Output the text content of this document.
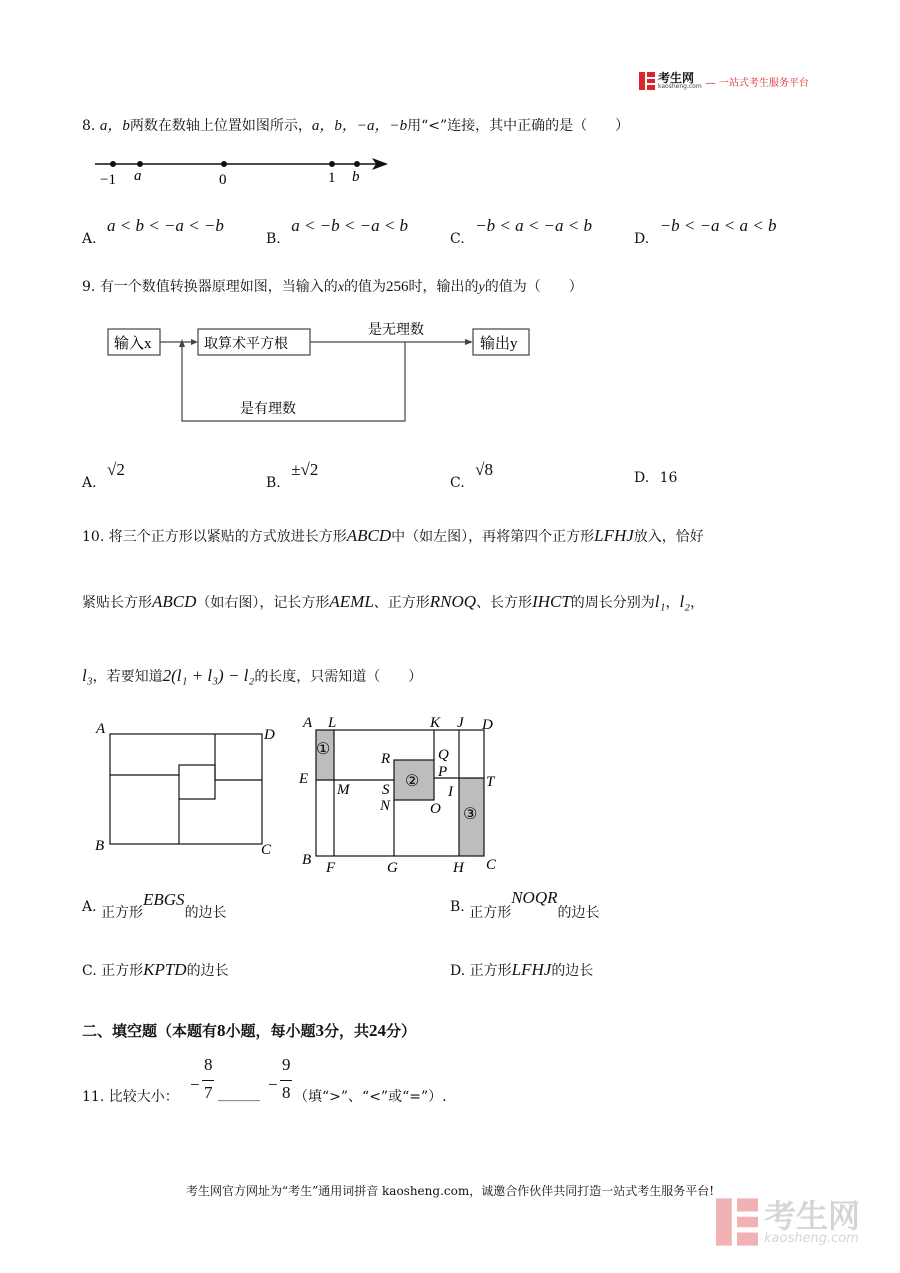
考生网
kaosheng.com — 一站式考生服务平台
8. a，b两数在数轴上位置如图所示，a，b，−a，−b用“<”连接，其中正确的是（　　）
−1 a	0	1 b
A. a < b < −a < −b
B. a < −b < −a < b
C. −b < a < −a < b
D. −b < −a < a < b
9. 有一个数值转换器原理如图，当输入的x的值为256时，输出的y的值为（　　）
输入x	取算术平方根
是无理数
输出y
是有理数
A. √2
B. ±√2
C. √8	D. 16
10. 将三个正方形以紧贴的方式放进长方形ABCD中（如左图），再将第四个正方形LFHJ放入，恰好
紧贴长方形ABCD（如右图），记长方形AEML、正方形RNOQ、长方形IHCT的周长分别为l₁，l₂，
l₃，若要知道2(l₁ + l₃) − l₂的长度，只需知道（　　）
A	D
B	C
A L	K J D
E
M
R
S
N
Q
P
O
I
T
B F	G	H C
①
②
③
A. 正方形EBGS的边长	B. 正方形NOQR的边长
C. 正方形KPTD的边长	D. 正方形LFHJ的边长
二、填空题（本题有8小题，每小题3分，共24分）
11. 比较大小：
−
8
7 ______ −
9
8 （填“>”、“<”或“=”）.
考生网官方网址为“考生”通用词拼音 kaosheng.com，诚邀合作伙伴共同打造一站式考生服务平台!
考生网
kaosheng.com
